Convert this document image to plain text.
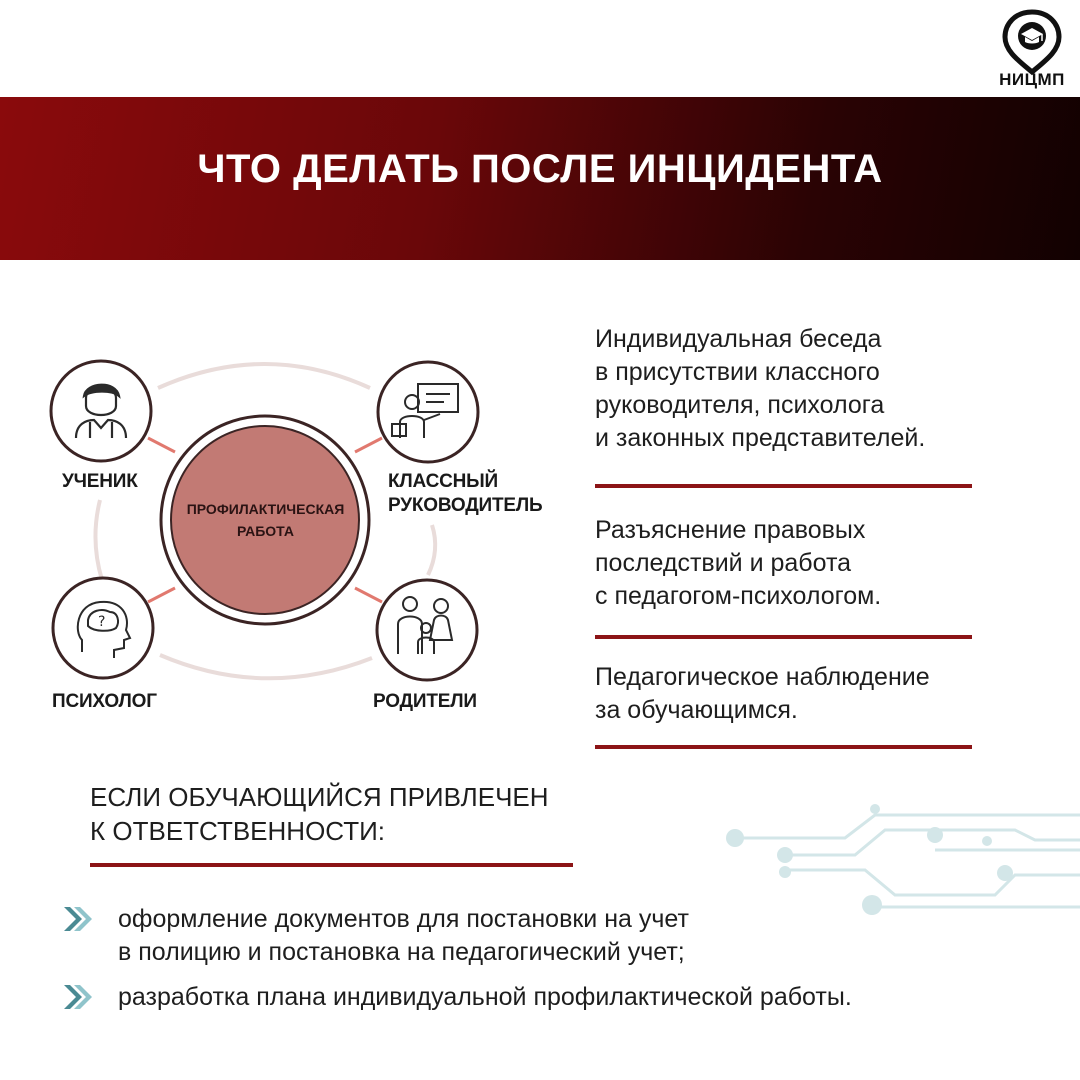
НИЦМП
ЧТО ДЕЛАТЬ ПОСЛЕ ИНЦИДЕНТА
?
ПРОФИЛАКТИЧЕСКАЯ
РАБОТА
УЧЕНИК	КЛАССНЫЙ
РУКОВОДИТЕЛЬ
ПСИХОЛОГ	РОДИТЕЛИ
Индивидуальная беседа
в присутствии классного
руководителя, психолога
и законных представителей.
Разъяснение правовых
последствий и работа
с педагогом-психологом.
Педагогическое наблюдение
за обучающимся.
ЕСЛИ ОБУЧАЮЩИЙСЯ ПРИВЛЕЧЕН
К ОТВЕТСТВЕННОСТИ:
оформление документов для постановки на учет
в полицию и постановка на педагогический учет;
разработка плана индивидуальной профилактической работы.
